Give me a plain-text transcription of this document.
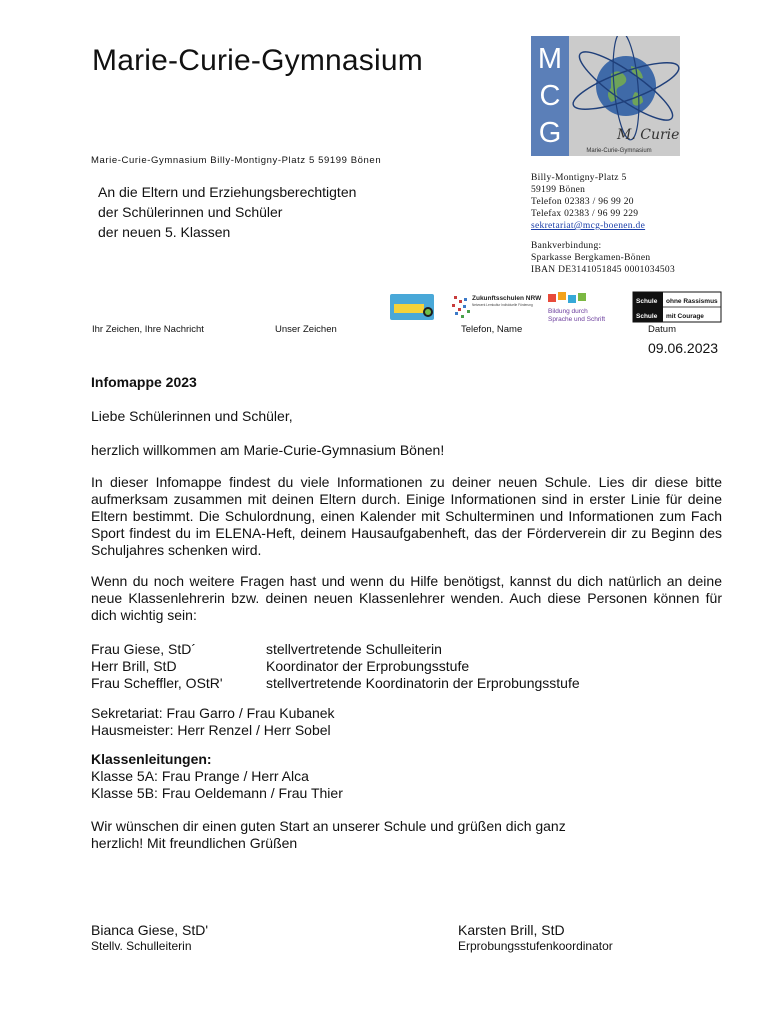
Marie-Curie-Gymnasium
Marie-Curie-Gymnasium Billy-Montigny-Platz 5 59199 Bönen
M
C
G	M. Curie
Marie-Curie-Gymnasium
An die Eltern und Erziehungsberechtigten
der Schülerinnen und Schüler
der neuen 5. Klassen
Billy-Montigny-Platz 5
59199 Bönen
Telefon 02383 / 96 99 20
Telefax 02383 / 96 99 229
sekretariat@mcg-boenen.de
Bankverbindung:
Sparkasse Bergkamen-Bönen
IBAN DE3141051845 0001034503
Zukunftsschulen NRW
Netzwerk Lernkultur Individuelle Förderung
Bildung durch
Sprache und Schrift
Schule ohne Rassismus
Schule mit Courage
Ihr Zeichen, Ihre Nachricht	Unser Zeichen	Telefon, Name	Datum
09.06.2023
Infomappe 2023
Liebe Schülerinnen und Schüler,
herzlich willkommen am Marie-Curie-Gymnasium Bönen!
In dieser Infomappe findest du viele Informationen zu deiner neuen Schule. Lies dir diese bitte aufmerksam zusammen mit deinen Eltern durch. Einige Informationen sind in erster Linie für deine Eltern bestimmt. Die Schulordnung, einen Kalender mit Schulterminen und Informationen zum Fach Sport findest du im ELENA-Heft, deinem Hausaufgabenheft, das der Förderverein dir zu Beginn des Schuljahres schenken wird.
Wenn du noch weitere Fragen hast und wenn du Hilfe benötigst, kannst du dich natürlich an deine neue Klassenlehrerin bzw. deinen neuen Klassenlehrer wenden. Auch diese Personen können für dich wichtig sein:
Frau Giese, StD´	stellvertretende Schulleiterin
Herr Brill, StD	Koordinator der Erprobungsstufe
Frau Scheffler, OStR'	stellvertretende Koordinatorin der Erprobungsstufe
Sekretariat: Frau Garro / Frau Kubanek
Hausmeister: Herr Renzel / Herr Sobel
Klassenleitungen:
Klasse 5A: Frau Prange / Herr Alca
Klasse 5B: Frau Oeldemann / Frau Thier
Wir wünschen dir einen guten Start an unserer Schule und grüßen dich ganz
herzlich! Mit freundlichen Grüßen
Bianca Giese, StD'
Stellv. Schulleiterin
Karsten Brill, StD
Erprobungsstufenkoordinator
